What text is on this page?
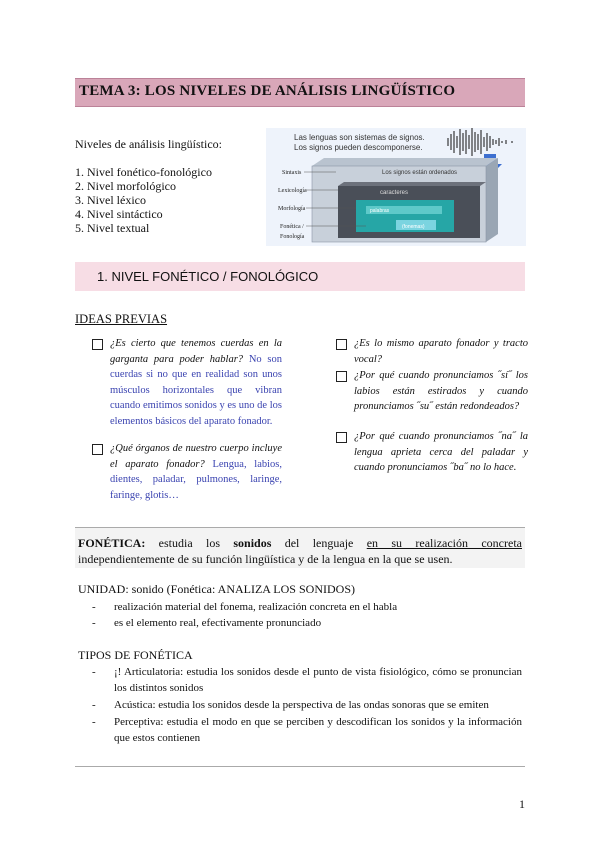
TEMA 3: LOS NIVELES DE ANÁLISIS LINGÜÍSTICO
Niveles de análisis lingüístico:
1. Nivel fonético-fonológico
2. Nivel morfológico
3. Nivel léxico
4. Nivel sintáctico
5. Nivel textual
Las lenguas son sistemas de signos.
Los signos pueden descomponerse.
Los signos están ordenados
caracteres
palabras
(fonemas)
Sintaxis
Lexicología
Morfología
Fonética /
Fonología
1. NIVEL FONÉTICO / FONOLÓGICO
IDEAS PREVIAS
¿Es cierto que tenemos cuerdas en la garganta para poder hablar? No son cuerdas si no que en realidad son unos músculos horizontales que vibran cuando emitimos sonidos y es uno de los elementos básicos del aparato fonador.
¿Qué órganos de nuestro cuerpo incluye el aparato fonador? Lengua, labios, dientes, paladar, pulmones, laringe, faringe, glotis…
¿Es lo mismo aparato fonador y tracto vocal?
¿Por qué cuando pronunciamos ˝sí˝ los labios están estirados y cuando pronunciamos ˝su˝ están redondeados?
¿Por qué cuando pronunciamos ˝na˝ la lengua aprieta cerca del paladar y cuando pronunciamos ˝ba˝ no lo hace.
FONÉTICA: estudia los sonidos del lenguaje en su realización concreta independientemente de su función lingüística y de la lengua en la que se usen.
UNIDAD: sonido (Fonética: ANALIZA LOS SONIDOS)
- realización material del fonema, realización concreta en el habla
- es el elemento real, efectivamente pronunciado
TIPOS DE FONÉTICA
- ¡! Articulatoria: estudia los sonidos desde el punto de vista fisiológico, cómo se pronuncian los distintos sonidos
- Acústica: estudia los sonidos desde la perspectiva de las ondas sonoras que se emiten
- Perceptiva: estudia el modo en que se perciben y descodifican los sonidos y la información que estos contienen
1
